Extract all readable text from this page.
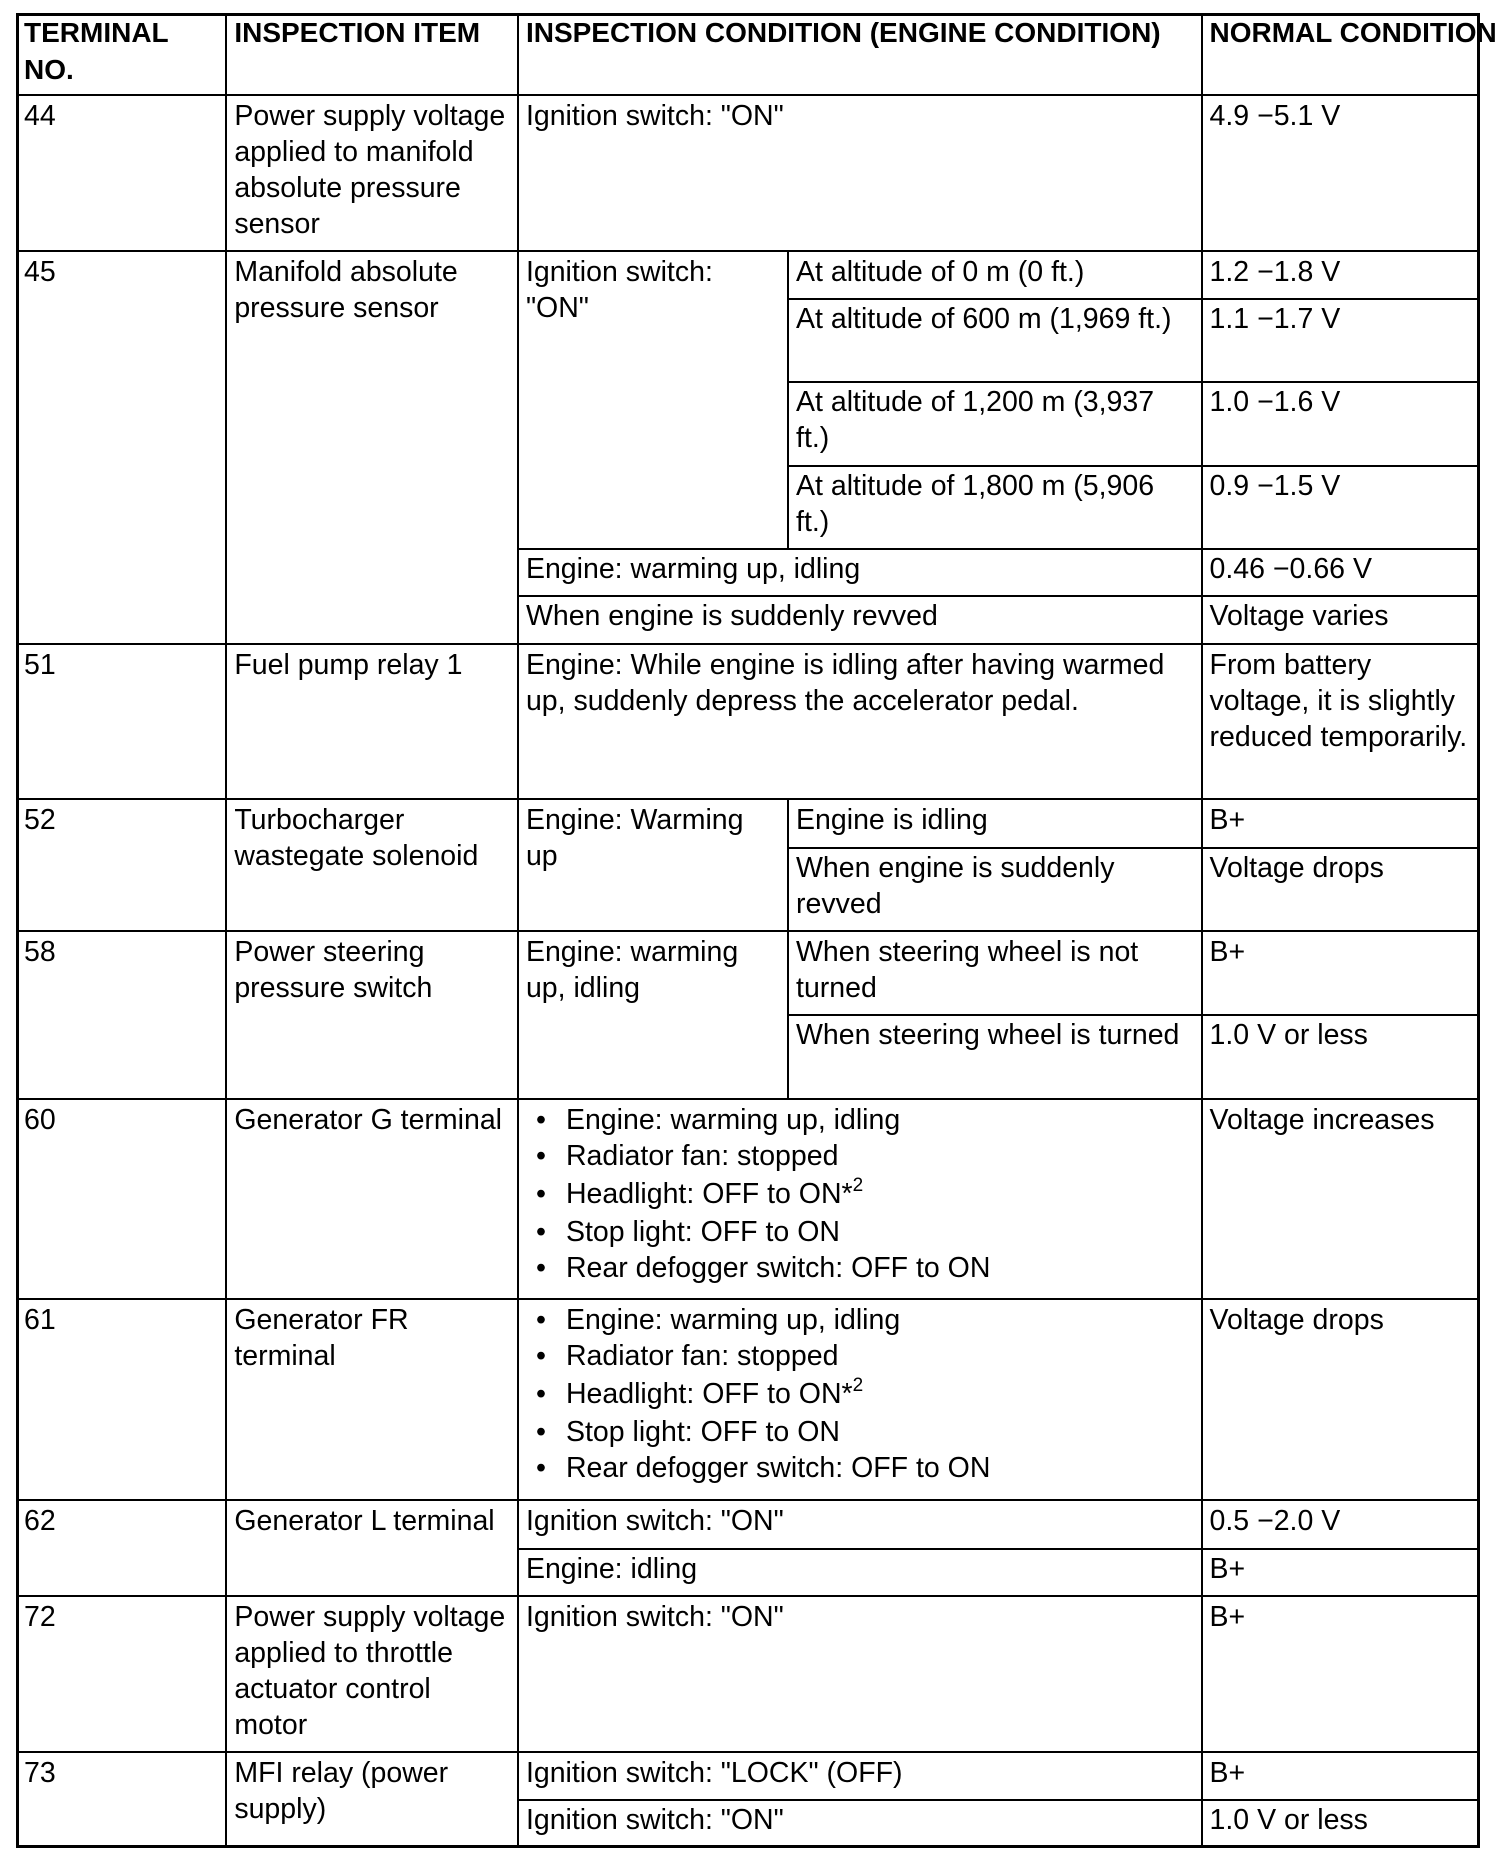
TERMINAL NO.
INSPECTION ITEM	INSPECTION CONDITION (ENGINE CONDITION)	NORMAL CONDITION
44	Power supply voltage applied to manifold absolute pressure sensor
Ignition switch: "ON"	4.9 −5.1 V
45	Manifold absolute pressure sensor
Ignition switch: "ON"
At altitude of 0 m (0 ft.)	1.2 −1.8 V
At altitude of 600 m (1,969 ft.)	1.1 −1.7 V
At altitude of 1,200 m (3,937 ft.)
1.0 −1.6 V
At altitude of 1,800 m (5,906 ft.)
0.9 −1.5 V
Engine: warming up, idling	0.46 −0.66 V
When engine is suddenly revved	Voltage varies
51	Fuel pump relay 1	Engine: While engine is idling after having warmed up, suddenly depress the accelerator pedal.
From battery voltage, it is slightly reduced temporarily.
52	Turbocharger wastegate solenoid
Engine: Warming up
Engine is idling	B+
When engine is suddenly revved
Voltage drops
58	Power steering pressure switch
Engine: warming up, idling
When steering wheel is not turned
B+
When steering wheel is turned	1.0 V or less
60	Generator G terminal
•	Engine: warming up, idling
• Radiator fan: stopped
• Headlight: OFF to ON*$^2$
• Stop light: OFF to ON
• Rear defogger switch: OFF to ON
Voltage increases
61	Generator FR terminal
• Engine: warming up, idling
• Radiator fan: stopped
• Headlight: OFF to ON*$^2$
• Stop light: OFF to ON
• Rear defogger switch: OFF to ON
Voltage drops
62	Generator L terminal	Ignition switch: "ON"	0.5 −2.0 V
Engine: idling	B+
72	Power supply voltage applied to throttle actuator control motor
Ignition switch: "ON"	B+
73	MFI relay (power supply)
Ignition switch: "LOCK" (OFF)	B+
Ignition switch: "ON"	1.0 V or less
